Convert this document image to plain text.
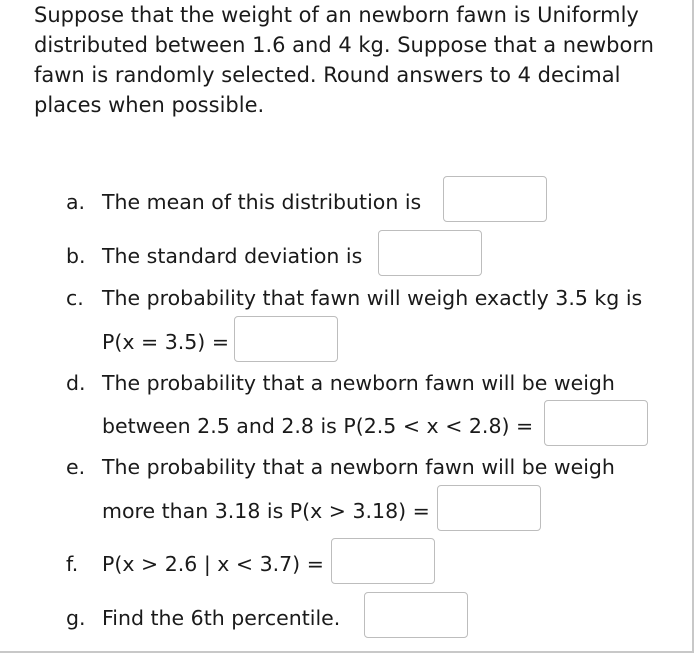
Suppose that the weight of an newborn fawn is Uniformly distributed between 1.6 and 4 kg. Suppose that a newborn fawn is randomly selected. Round answers to 4 decimal places when possible.

a. The mean of this distribution is
b. The standard deviation is
c. The probability that fawn will weigh exactly 3.5 kg is
P(x = 3.5) =
d. The probability that a newborn fawn will be weigh
between 2.5 and 2.8 is P(2.5 < x < 2.8) =
e. The probability that a newborn fawn will be weigh
more than 3.18 is P(x > 3.18) =
f. P(x > 2.6 | x < 3.7) =
g. Find the 6th percentile.
